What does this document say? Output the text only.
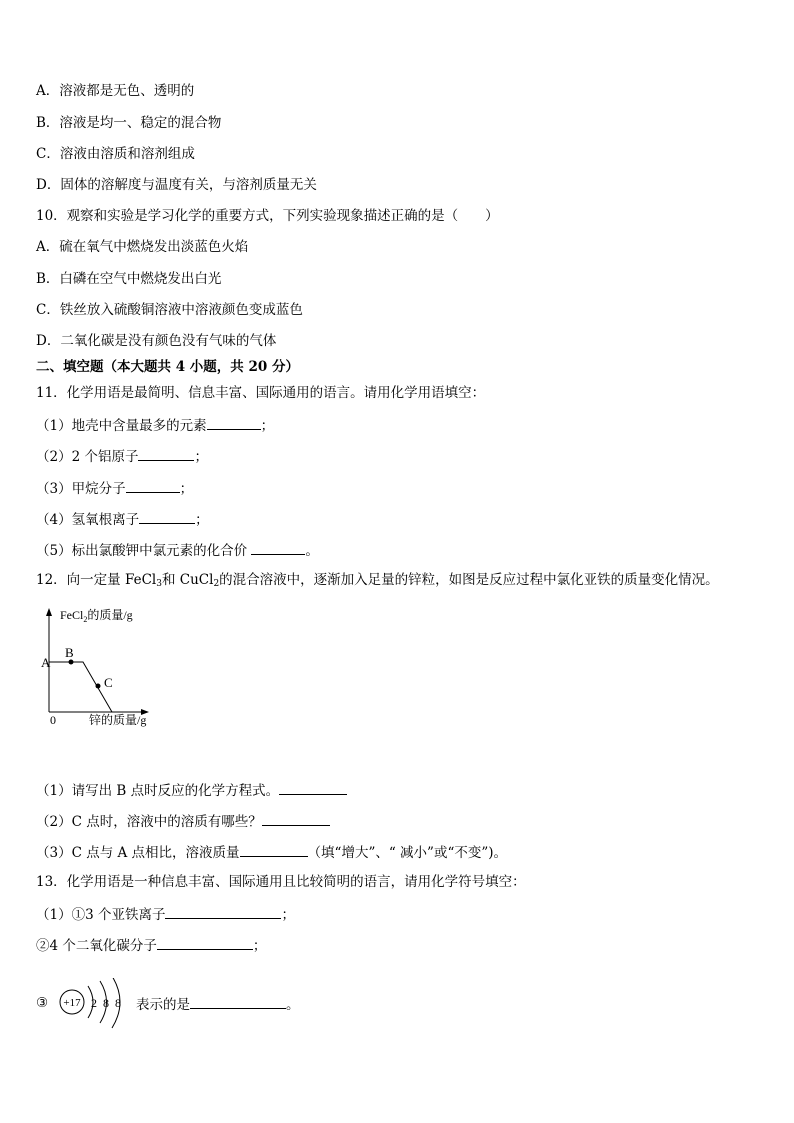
A．溶液都是无色、透明的
B．溶液是均一、稳定的混合物
C．溶液由溶质和溶剂组成
D．固体的溶解度与温度有关，与溶剂质量无关
10．观察和实验是学习化学的重要方式，下列实验现象描述正确的是（　　）
A．硫在氧气中燃烧发出淡蓝色火焰
B．白磷在空气中燃烧发出白光
C．铁丝放入硫酸铜溶液中溶液颜色变成蓝色
D．二氧化碳是没有颜色没有气味的气体
二、填空题（本大题共 4 小题，共 20 分）
11．化学用语是最简明、信息丰富、国际通用的语言。请用化学用语填空：
（1）地壳中含量最多的元素	；
（2）2 个铝原子	；
（3）甲烷分子	；
（4）氢氧根离子	；
（5）标出氯酸钾中氯元素的化合价	。
12．向一定量 FeCl$_3$和 CuCl$_2$的混合溶液中，逐渐加入足量的锌粒，如图是反应过程中氯化亚铁的质量变化情况。
FeCl$_2$的质量/g
A
B
C
0	锌的质量/g
（1）请写出 B 点时反应的化学方程式。
（2）C 点时，溶液中的溶质有哪些？
（3）C 点与 A 点相比，溶液质量	（填“增大”、“ 减小”或“不变”)。
13．化学用语是一种信息丰富、国际通用且比较简明的语言，请用化学符号填空：
（1）①3 个亚铁离子	；
②4 个二氧化碳分子	；
③ +17 2 8 8 表示的是	。
